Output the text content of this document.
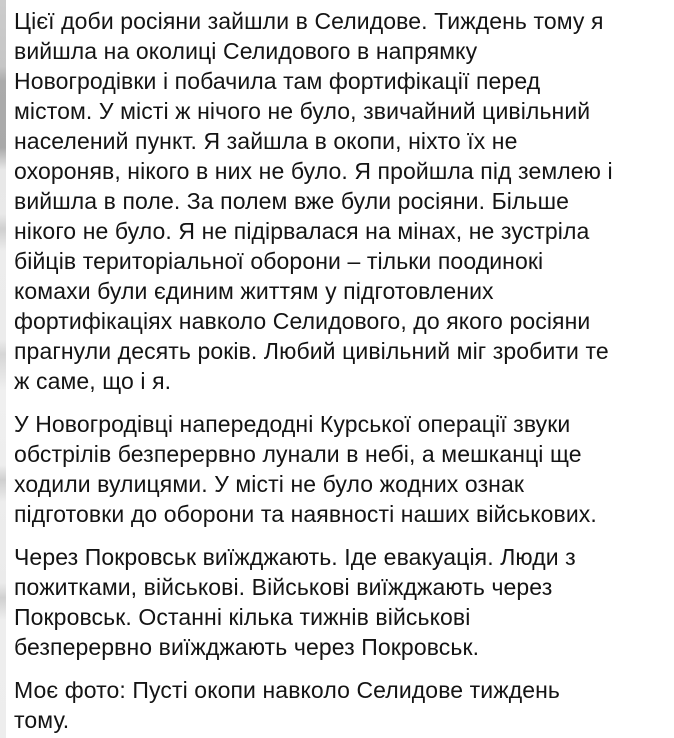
Цієї доби росіяни зайшли в Селидове. Тиждень тому я
вийшла на околиці Селидового в напрямку
Новогродівки і побачила там фортифікації перед
містом. У місті ж нічого не було, звичайний цивільний
населений пункт. Я зайшла в окопи, ніхто їх не
охороняв, нікого в них не було. Я пройшла під землею і
вийшла в поле. За полем вже були росіяни. Більше
нікого не було. Я не підірвалася на мінах, не зустріла
бійців територіальної оборони – тільки поодинокі
комахи були єдиним життям у підготовлених
фортифікаціях навколо Селидового, до якого росіяни
прагнули десять років. Любий цивільний міг зробити те
ж саме, що і я.

У Новогродівці напередодні Курської операції звуки
обстрілів безперервно лунали в небі, а мешканці ще
ходили вулицями. У місті не було жодних ознак
підготовки до оборони та наявності наших військових.

Через Покровськ виїжджають. Іде евакуація. Люди з
пожитками, військові. Військові виїжджають через
Покровськ. Останні кілька тижнів військові
безперервно виїжджають через Покровськ.

Моє фото: Пусті окопи навколо Селидове тиждень
тому.
